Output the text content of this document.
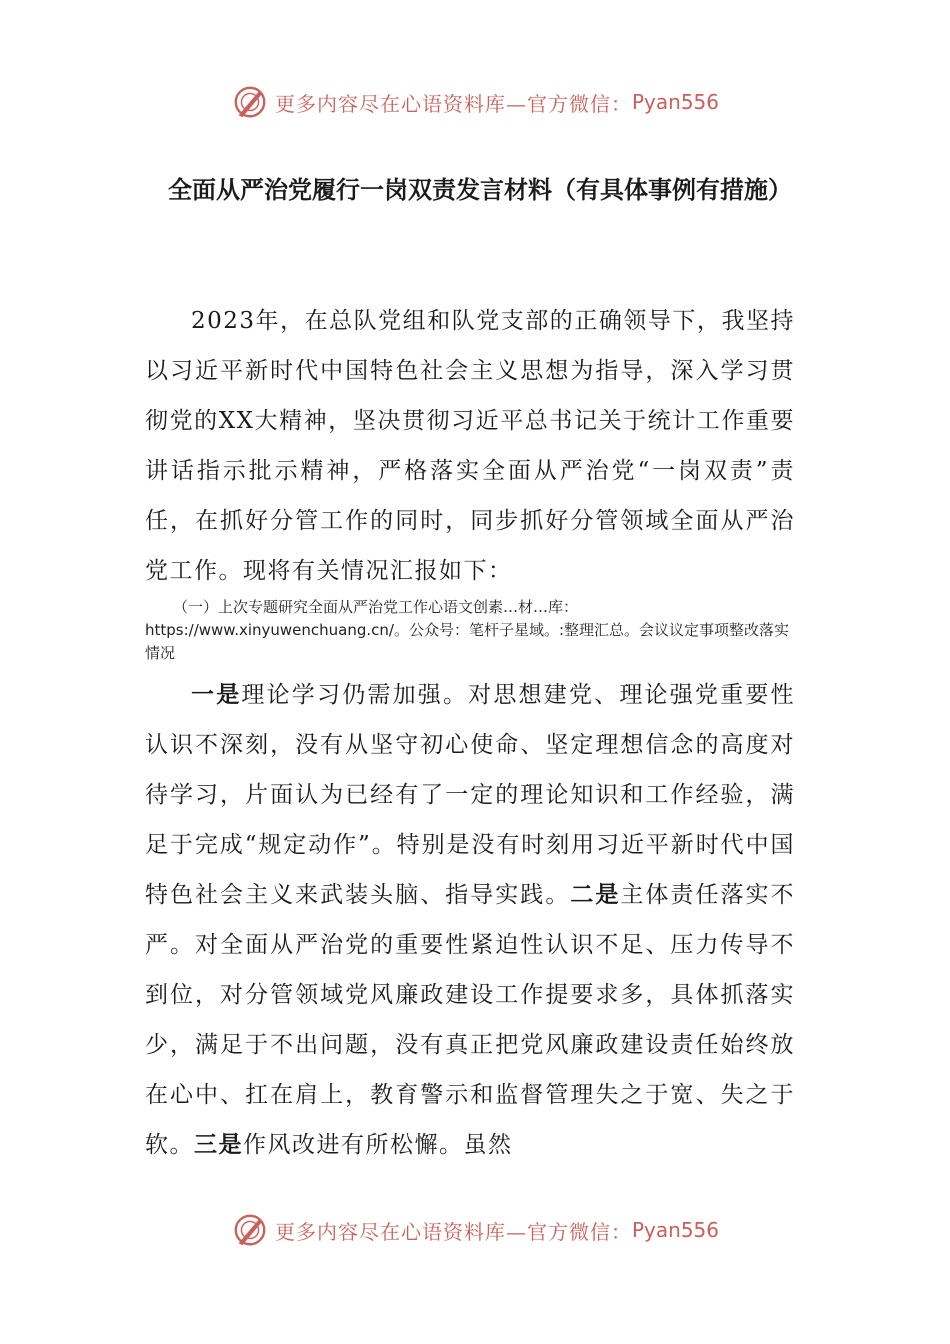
更多内容尽在心语资料库—官方微信： Pyan556
全面从严治党履行一岗双责发言材料（有具体事例有措施）

2023年，在总队党组和队党支部的正确领导下，我坚持以习近平新时代中国特色社会主义思想为指导，深入学习贯彻党的XX大精神，坚决贯彻习近平总书记关于统计工作重要讲话指示批示精神，严格落实全面从严治党“一岗双责”责任，在抓好分管工作的同时，同步抓好分管领域全面从严治党工作。现将有关情况汇报如下：

（一）上次专题研究全面从严治党工作心语文创素…材…库：https://www.xinyuwenchuang.cn/。公众号：笔杆子星域。:整理汇总。会议议定事项整改落实情况

一是理论学习仍需加强。对思想建党、理论强党重要性认识不深刻，没有从坚守初心使命、坚定理想信念的高度对待学习，片面认为已经有了一定的理论知识和工作经验，满足于完成“规定动作”。特别是没有时刻用习近平新时代中国特色社会主义来武装头脑、指导实践。二是主体责任落实不严。对全面从严治党的重要性紧迫性认识不足、压力传导不到位，对分管领域党风廉政建设工作提要求多，具体抓落实少，满足于不出问题，没有真正把党风廉政建设责任始终放在心中、扛在肩上，教育警示和监督管理失之于宽、失之于软。三是作风改进有所松懈。虽然

更多内容尽在心语资料库—官方微信： Pyan556
